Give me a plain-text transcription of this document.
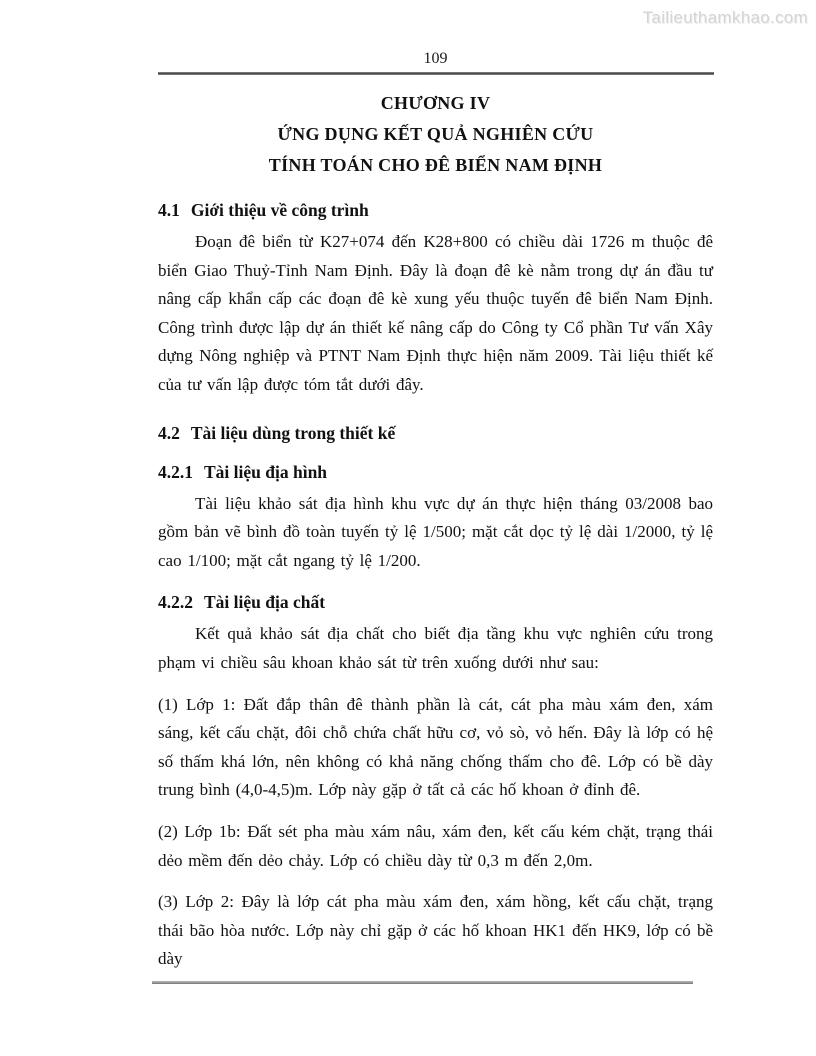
Tailieuthamkhao.com
109
CHƯƠNG IV
ỨNG DỤNG KẾT QUẢ NGHIÊN CỨU
TÍNH TOÁN CHO ĐÊ BIỂN NAM ĐỊNH
4.1 Giới thiệu về công trình

Đoạn đê biển từ K27+074 đến K28+800 có chiều dài 1726 m thuộc đê biển Giao Thuỷ-Tỉnh Nam Định. Đây là đoạn đê kè nằm trong dự án đầu tư nâng cấp khẩn cấp các đoạn đê kè xung yếu thuộc tuyến đê biển Nam Định. Công trình được lập dự án thiết kế nâng cấp do Công ty Cổ phần Tư vấn Xây dựng Nông nghiệp và PTNT Nam Định thực hiện năm 2009. Tài liệu thiết kế của tư vấn lập được tóm tắt dưới đây.

4.2 Tài liệu dùng trong thiết kế
4.2.1 Tài liệu địa hình

Tài liệu khảo sát địa hình khu vực dự án thực hiện tháng 03/2008 bao gồm bản vẽ bình đồ toàn tuyến tỷ lệ 1/500; mặt cắt dọc tỷ lệ dài 1/2000, tỷ lệ cao 1/100; mặt cắt ngang tỷ lệ 1/200.

4.2.2 Tài liệu địa chất

Kết quả khảo sát địa chất cho biết địa tầng khu vực nghiên cứu trong phạm vi chiều sâu khoan khảo sát từ trên xuống dưới như sau:

(1) Lớp 1: Đất đắp thân đê thành phần là cát, cát pha màu xám đen, xám sáng, kết cấu chặt, đôi chỗ chứa chất hữu cơ, vỏ sò, vỏ hến. Đây là lớp có hệ số thấm khá lớn, nên không có khả năng chống thấm cho đê. Lớp có bề dày trung bình (4,0-4,5)m. Lớp này gặp ở tất cả các hố khoan ở đỉnh đê.

(2) Lớp 1b: Đất sét pha màu xám nâu, xám đen, kết cấu kém chặt, trạng thái dẻo mềm đến dẻo chảy. Lớp có chiều dày từ 0,3 m đến 2,0m.

(3) Lớp 2: Đây là lớp cát pha màu xám đen, xám hồng, kết cấu chặt, trạng thái bão hòa nước. Lớp này chỉ gặp ở các hố khoan HK1 đến HK9, lớp có bề dày
